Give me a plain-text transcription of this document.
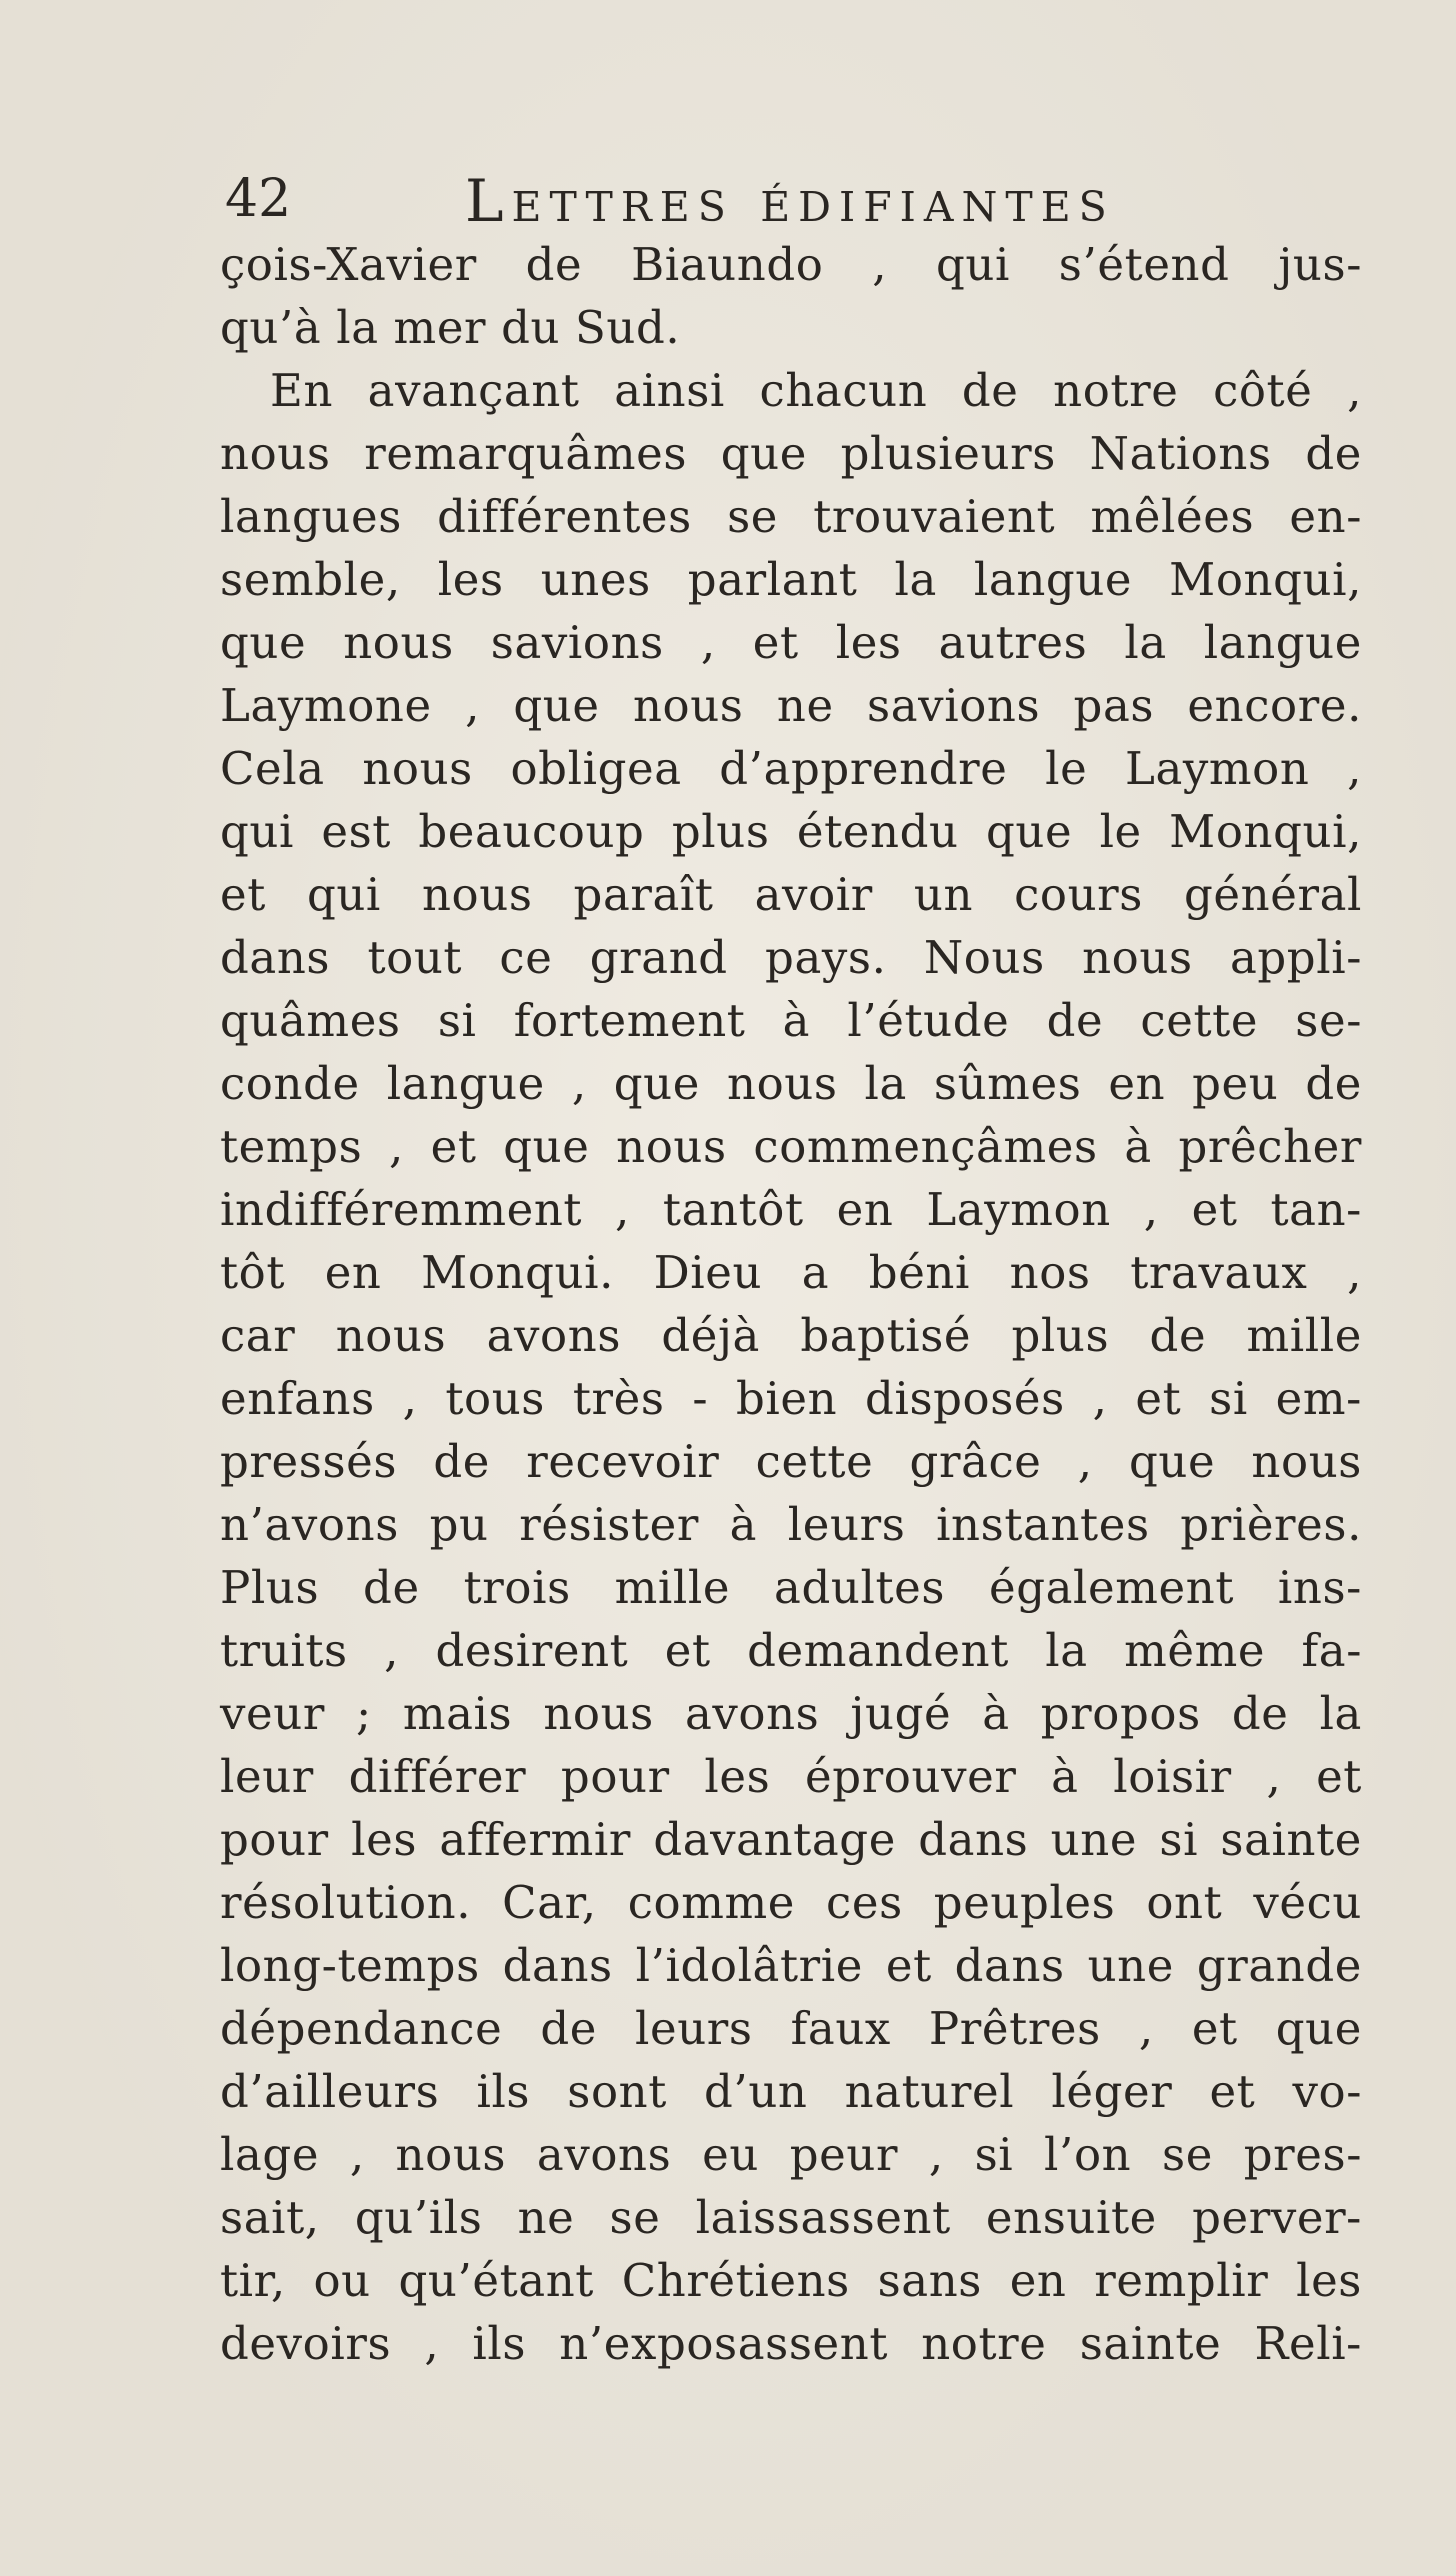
42	Lettres édifiantes
çois-Xavier de Biaundo , qui s’étend jus-
qu’à la mer du Sud.
En avançant ainsi chacun de notre côté ,
nous remarquâmes que plusieurs Nations de
langues différentes se trouvaient mêlées en-
semble, les unes parlant la langue Monqui,
que nous savions , et les autres la langue
Laymone , que nous ne savions pas encore.
Cela nous obligea d’apprendre le Laymon ,
qui est beaucoup plus étendu que le Monqui,
et qui nous paraît avoir un cours général
dans tout ce grand pays. Nous nous appli-
quâmes si fortement à l’étude de cette se-
conde langue , que nous la sûmes en peu de
temps , et que nous commençâmes à prêcher
indifféremment , tantôt en Laymon , et tan-
tôt en Monqui. Dieu a béni nos travaux ,
car nous avons déjà baptisé plus de mille
enfans , tous très - bien disposés , et si em-
pressés de recevoir cette grâce , que nous
n’avons pu résister à leurs instantes prières.
Plus de trois mille adultes également ins-
truits , desirent et demandent la même fa-
veur ; mais nous avons jugé à propos de la
leur différer pour les éprouver à loisir , et
pour les affermir davantage dans une si sainte
résolution. Car, comme ces peuples ont vécu
long-temps dans l’idolâtrie et dans une grande
dépendance de leurs faux Prêtres , et que
d’ailleurs ils sont d’un naturel léger et vo-
lage , nous avons eu peur , si l’on se pres-
sait, qu’ils ne se laissassent ensuite perver-
tir, ou qu’étant Chrétiens sans en remplir les
devoirs , ils n’exposassent notre sainte Reli-
